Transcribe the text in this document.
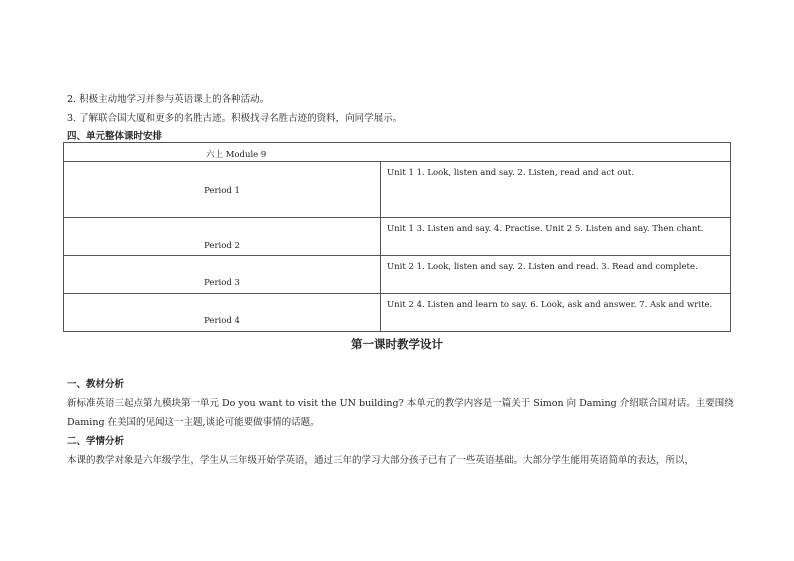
2. 积极主动地学习并参与英语课上的各种活动。
3. 了解联合国大厦和更多的名胜古迹。积极找寻名胜古迹的资料，向同学展示。
四、单元整体课时安排
六上 Module 9	

Period 1	Unit 1 1. Look, listen and say. 2. Listen, read and act out.

Period 2	Unit 1 3. Listen and say. 4. Practise. Unit 2 5. Listen and say. Then chant.

Period 3	Unit 2 1. Look, listen and say. 2. Listen and read. 3. Read and complete.

Period 4	Unit 2 4. Listen and learn to say. 6. Look, ask and answer. 7. Ask and write.
第一课时教学设计
一、教材分析
新标准英语三起点第九模块第一单元 Do you want to visit the UN building? 本单元的教学内容是一篇关于 Simon 向 Daming 介绍联合国对话。主要围绕
Daming 在美国的见闻这一主题,谈论可能要做事情的话题。
二、学情分析
本课的教学对象是六年级学生，学生从三年级开始学英语，通过三年的学习大部分孩子已有了一些英语基础。大部分学生能用英语简单的表达，所以，
